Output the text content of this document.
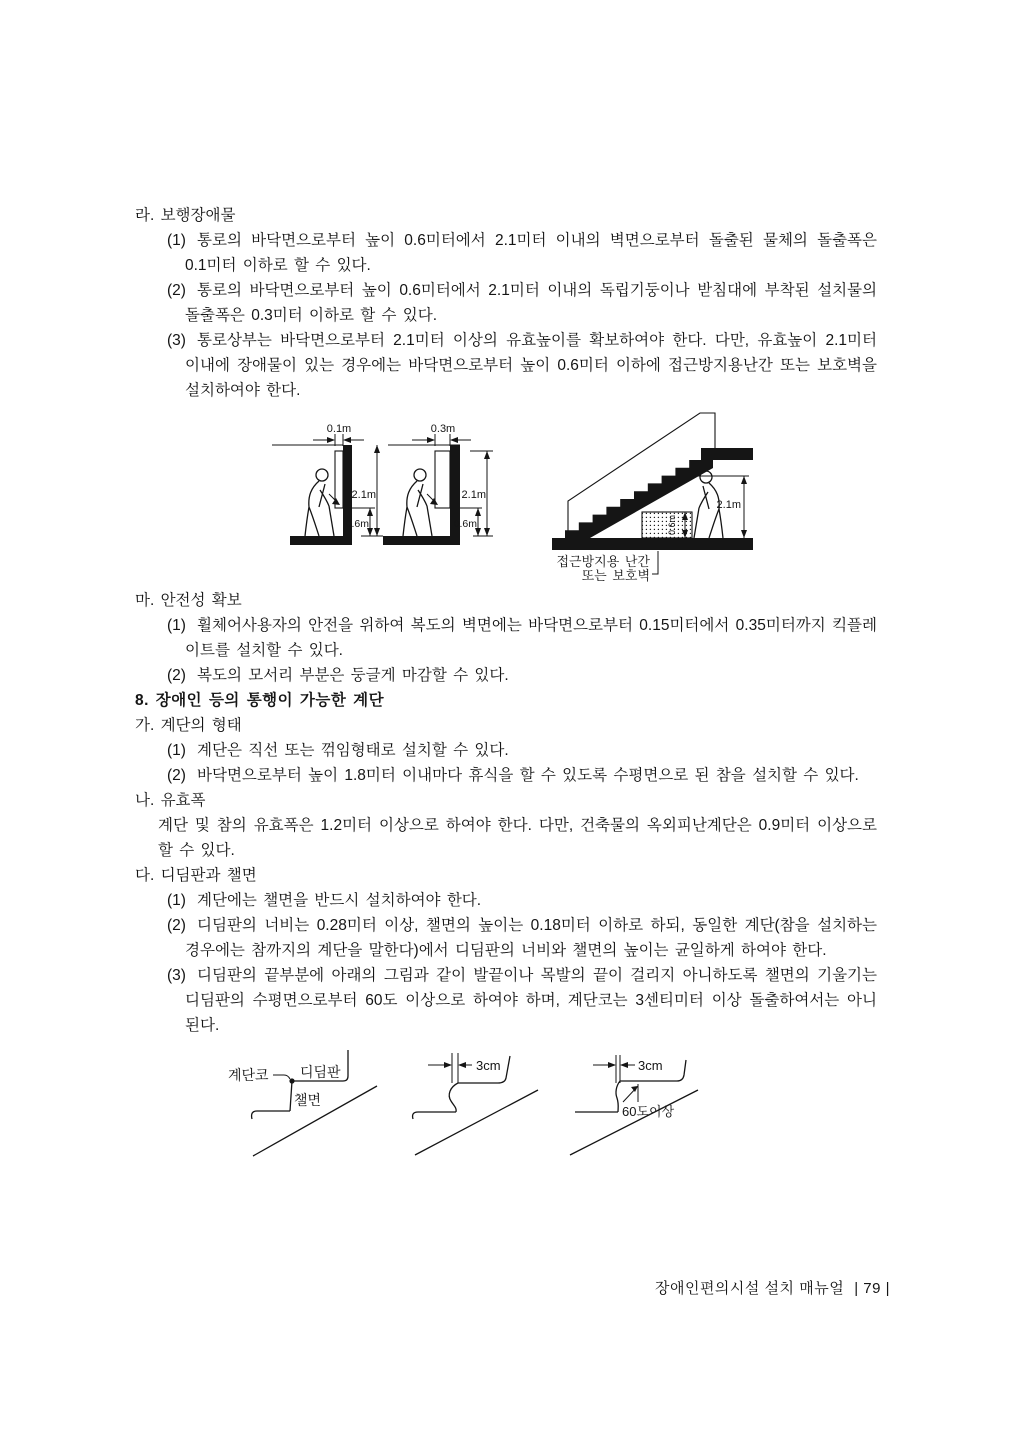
라. 보행장애물

(1) 통로의 바닥면으로부터 높이 0.6미터에서 2.1미터 이내의 벽면으로부터 돌출된 물체의 돌출폭은 0.1미터 이하로 할 수 있다.

(2) 통로의 바닥면으로부터 높이 0.6미터에서 2.1미터 이내의 독립기둥이나 받침대에 부착된 설치물의 돌출폭은 0.3미터 이하로 할 수 있다.

(3) 통로상부는 바닥면으로부터 2.1미터 이상의 유효높이를 확보하여야 한다. 다만, 유효높이 2.1미터 이내에 장애물이 있는 경우에는 바닥면으로부터 높이 0.6미터 이하에 접근방지용난간 또는 보호벽을 설치하여야 한다.

0.1m
2.1m
0.6m
0.3m
2.1m
0.6m	0.6m
2.1m
접근방지용 난간
또는 보호벽

마. 안전성 확보

(1) 휠체어사용자의 안전을 위하여 복도의 벽면에는 바닥면으로부터 0.15미터에서 0.35미터까지 킥플레이트를 설치할 수 있다.

(2) 복도의 모서리 부분은 둥글게 마감할 수 있다.

8. 장애인 등의 통행이 가능한 계단

가. 계단의 형태

(1) 계단은 직선 또는 꺾임형태로 설치할 수 있다.

(2) 바닥면으로부터 높이 1.8미터 이내마다 휴식을 할 수 있도록 수평면으로 된 참을 설치할 수 있다.

나. 유효폭

계단 및 참의 유효폭은 1.2미터 이상으로 하여야 한다. 다만, 건축물의 옥외피난계단은 0.9미터 이상으로 할 수 있다.

다. 디딤판과 챌면

(1) 계단에는 챌면을 반드시 설치하여야 한다.

(2) 디딤판의 너비는 0.28미터 이상, 챌면의 높이는 0.18미터 이하로 하되, 동일한 계단(참을 설치하는 경우에는 참까지의 계단을 말한다)에서 디딤판의 너비와 챌면의 높이는 균일하게 하여야 한다.

(3) 디딤판의 끝부분에 아래의 그림과 같이 발끝이나 목발의 끝이 걸리지 아니하도록 챌면의 기울기는 디딤판의 수평면으로부터 60도 이상으로 하여야 하며, 계단코는 3센티미터 이상 돌출하여서는 아니된다.

계단코 디딤판
챌면
3cm	3cm
60도이상
장애인편의시설 설치 매뉴얼 | 79 |
